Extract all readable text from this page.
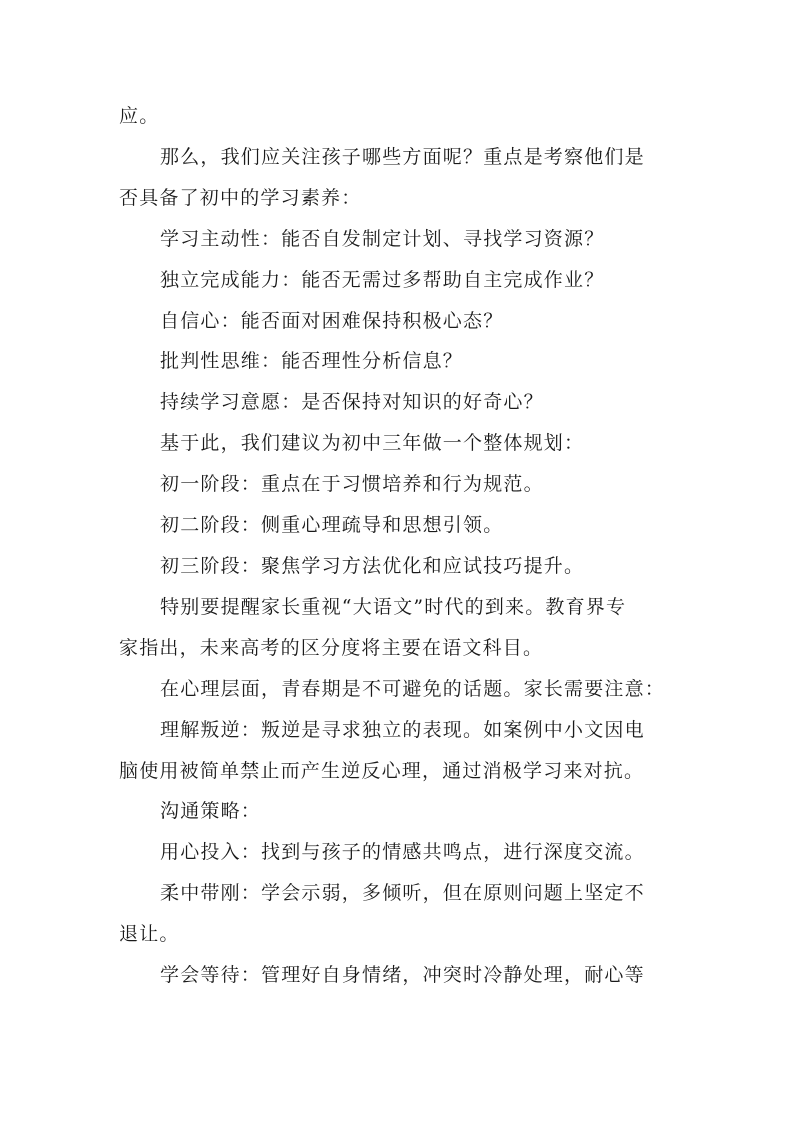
应。

那么，我们应关注孩子哪些方面呢？重点是考察他们是
否具备了初中的学习素养：

学习主动性：能否自发制定计划、寻找学习资源？

独立完成能力：能否无需过多帮助自主完成作业？

自信心：能否面对困难保持积极心态？

批判性思维：能否理性分析信息？

持续学习意愿：是否保持对知识的好奇心？

基于此，我们建议为初中三年做一个整体规划：

初一阶段：重点在于习惯培养和行为规范。

初二阶段：侧重心理疏导和思想引领。

初三阶段：聚焦学习方法优化和应试技巧提升。

特别要提醒家长重视“大语文”时代的到来。教育界专
家指出，未来高考的区分度将主要在语文科目。

在心理层面，青春期是不可避免的话题。家长需要注意：

理解叛逆：叛逆是寻求独立的表现。如案例中小文因电
脑使用被简单禁止而产生逆反心理，通过消极学习来对抗。

沟通策略：

用心投入：找到与孩子的情感共鸣点，进行深度交流。

柔中带刚：学会示弱，多倾听，但在原则问题上坚定不
退让。

学会等待：管理好自身情绪，冲突时冷静处理，耐心等
